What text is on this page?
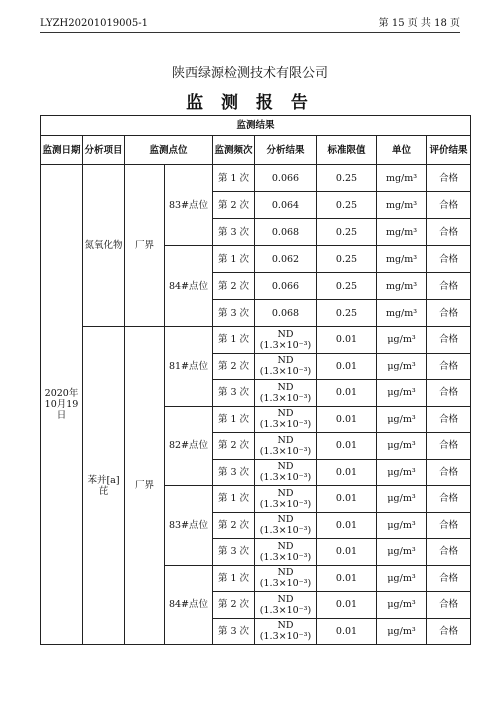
LYZH20201019005-1	第 15 页 共 18 页
陕西绿源检测技术有限公司
监 测 报 告
监测结果								
监测日期	分析项目	监测点位		监测频次	分析结果	标准限值	单位	评价结果
2020年10月19日	氮氧化物	厂界	83#点位	第 1 次	0.066	0.25	mg/m³	合格
				第 2 次	0.064	0.25	mg/m³	合格
				第 3 次	0.068	0.25	mg/m³	合格
			84#点位	第 1 次	0.062	0.25	mg/m³	合格
				第 2 次	0.066	0.25	mg/m³	合格
				第 3 次	0.068	0.25	mg/m³	合格
	苯并[a]芘	厂界	81#点位	第 1 次	ND
(1.3×10⁻³)	0.01	μg/m³	合格
				第 2 次	ND
(1.3×10⁻³)	0.01	μg/m³	合格
				第 3 次	ND
(1.3×10⁻³)	0.01	μg/m³	合格
			82#点位	第 1 次	ND
(1.3×10⁻³)	0.01	μg/m³	合格
				第 2 次	ND
(1.3×10⁻³)	0.01	μg/m³	合格
				第 3 次	ND
(1.3×10⁻³)	0.01	μg/m³	合格
			83#点位	第 1 次	ND
(1.3×10⁻³)	0.01	μg/m³	合格
				第 2 次	ND
(1.3×10⁻³)	0.01	μg/m³	合格
				第 3 次	ND
(1.3×10⁻³)	0.01	μg/m³	合格
			84#点位	第 1 次	ND
(1.3×10⁻³)	0.01	μg/m³	合格
				第 2 次	ND
(1.3×10⁻³)	0.01	μg/m³	合格
				第 3 次	ND
(1.3×10⁻³)	0.01	μg/m³	合格
